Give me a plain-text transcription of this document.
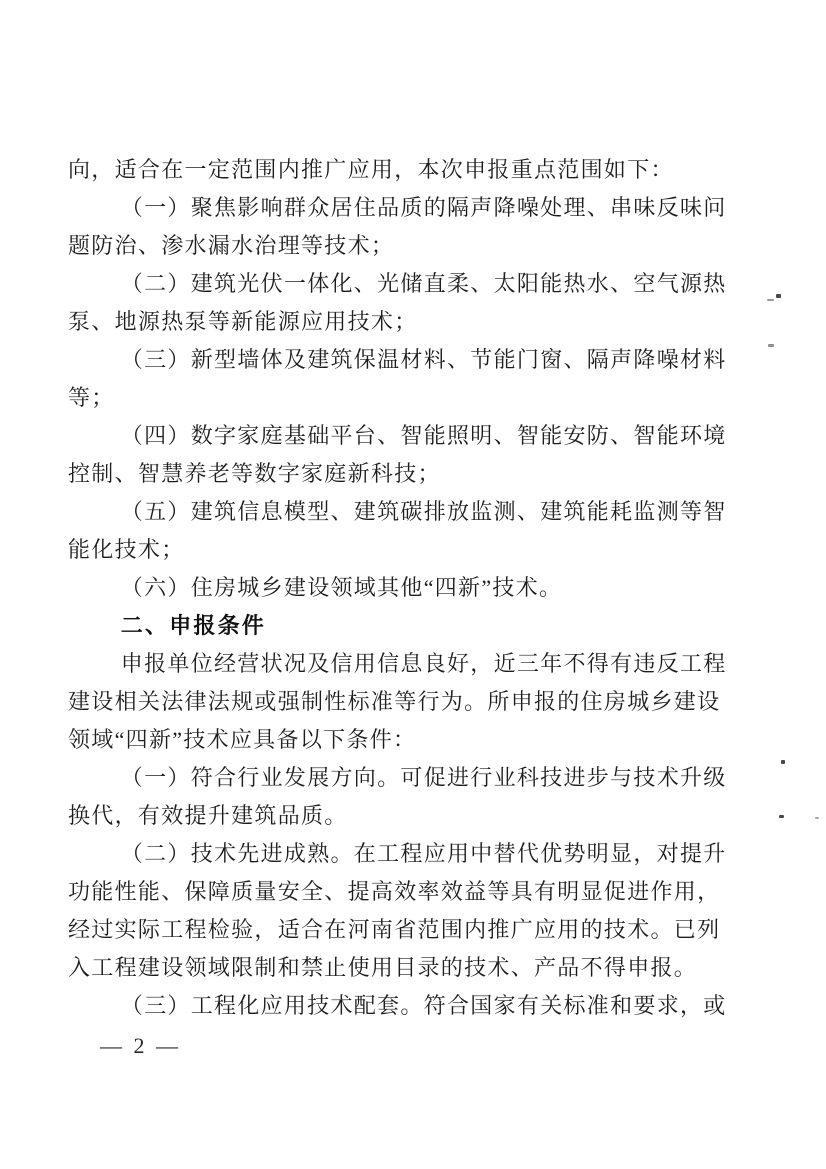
向，适合在一定范围内推广应用，本次申报重点范围如下：
（一）聚焦影响群众居住品质的隔声降噪处理、串味反味问
题防治、渗水漏水治理等技术；
（二）建筑光伏一体化、光储直柔、太阳能热水、空气源热
泵、地源热泵等新能源应用技术；
（三）新型墙体及建筑保温材料、节能门窗、隔声降噪材料
等；
（四）数字家庭基础平台、智能照明、智能安防、智能环境
控制、智慧养老等数字家庭新科技；
（五）建筑信息模型、建筑碳排放监测、建筑能耗监测等智
能化技术；
（六）住房城乡建设领域其他“四新”技术。
二、申报条件
申报单位经营状况及信用信息良好，近三年不得有违反工程
建设相关法律法规或强制性标准等行为。所申报的住房城乡建设
领域“四新”技术应具备以下条件：
（一）符合行业发展方向。可促进行业科技进步与技术升级
换代，有效提升建筑品质。
（二）技术先进成熟。在工程应用中替代优势明显，对提升
功能性能、保障质量安全、提高效率效益等具有明显促进作用，
经过实际工程检验，适合在河南省范围内推广应用的技术。已列
入工程建设领域限制和禁止使用目录的技术、产品不得申报。
（三）工程化应用技术配套。符合国家有关标准和要求，或
— 2 —
